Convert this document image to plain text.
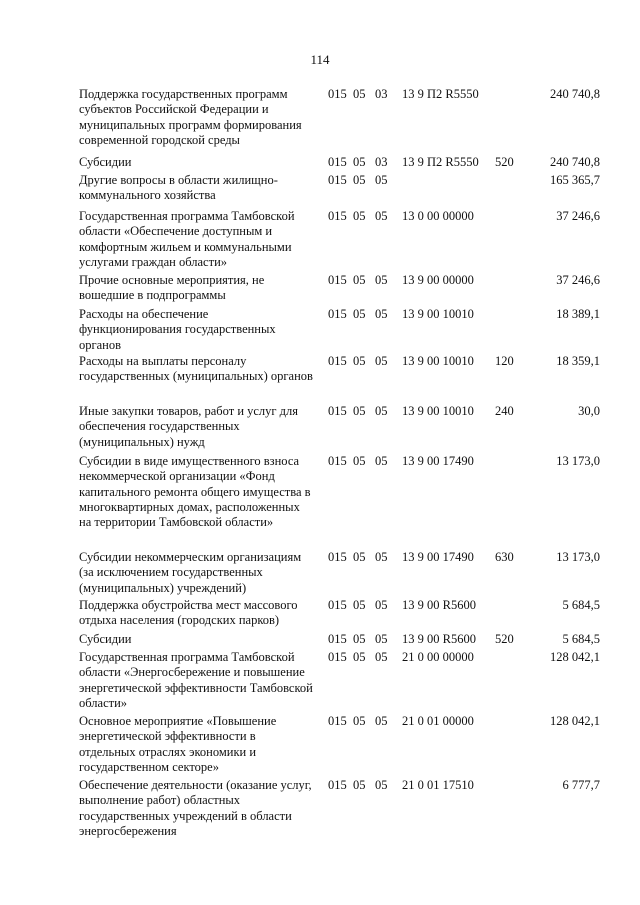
114
Поддержка государственных программ субъектов Российской Федерации и муниципальных программ формирования современной городской среды
015 05 03 13 9 П2 R5550	240 740,8
Субсидии	015 05 03 13 9 П2 R5550 520	240 740,8
Другие вопросы в области жилищно-коммунального хозяйства
015 05 05	165 365,7
Государственная программа Тамбовской области «Обеспечение доступным и комфортным жильем и коммунальными услугами граждан области»
015 05 05 13 0 00 00000	37 246,6
Прочие основные мероприятия, не вошедшие в подпрограммы
015 05 05 13 9 00 00000	37 246,6
Расходы на обеспечение функционирования государственных органов
015 05 05 13 9 00 10010	18 389,1
Расходы на выплаты персоналу государственных (муниципальных) органов
015 05 05 13 9 00 10010 120	18 359,1
Иные закупки товаров, работ и услуг для обеспечения государственных (муниципальных) нужд
015 05 05 13 9 00 10010 240	30,0
Субсидии в виде имущественного взноса некоммерческой организации «Фонд капитального ремонта общего имущества в многоквартирных домах, расположенных на территории Тамбовской области»
015 05 05 13 9 00 17490	13 173,0
Субсидии некоммерческим организациям (за исключением государственных (муниципальных) учреждений)
015 05 05 13 9 00 17490 630	13 173,0
Поддержка обустройства мест массового отдыха населения (городских парков)
015 05 05 13 9 00 R5600	5 684,5
Субсидии	015 05 05 13 9 00 R5600 520	5 684,5
Государственная программа Тамбовской области «Энергосбережение и повышение энергетической эффективности Тамбовской области»
015 05 05 21 0 00 00000	128 042,1
Основное мероприятие «Повышение энергетической эффективности в отдельных отраслях экономики и государственном секторе»
015 05 05 21 0 01 00000	128 042,1
Обеспечение деятельности (оказание услуг, выполнение работ) областных государственных учреждений в области энергосбережения
015 05 05 21 0 01 17510	6 777,7
